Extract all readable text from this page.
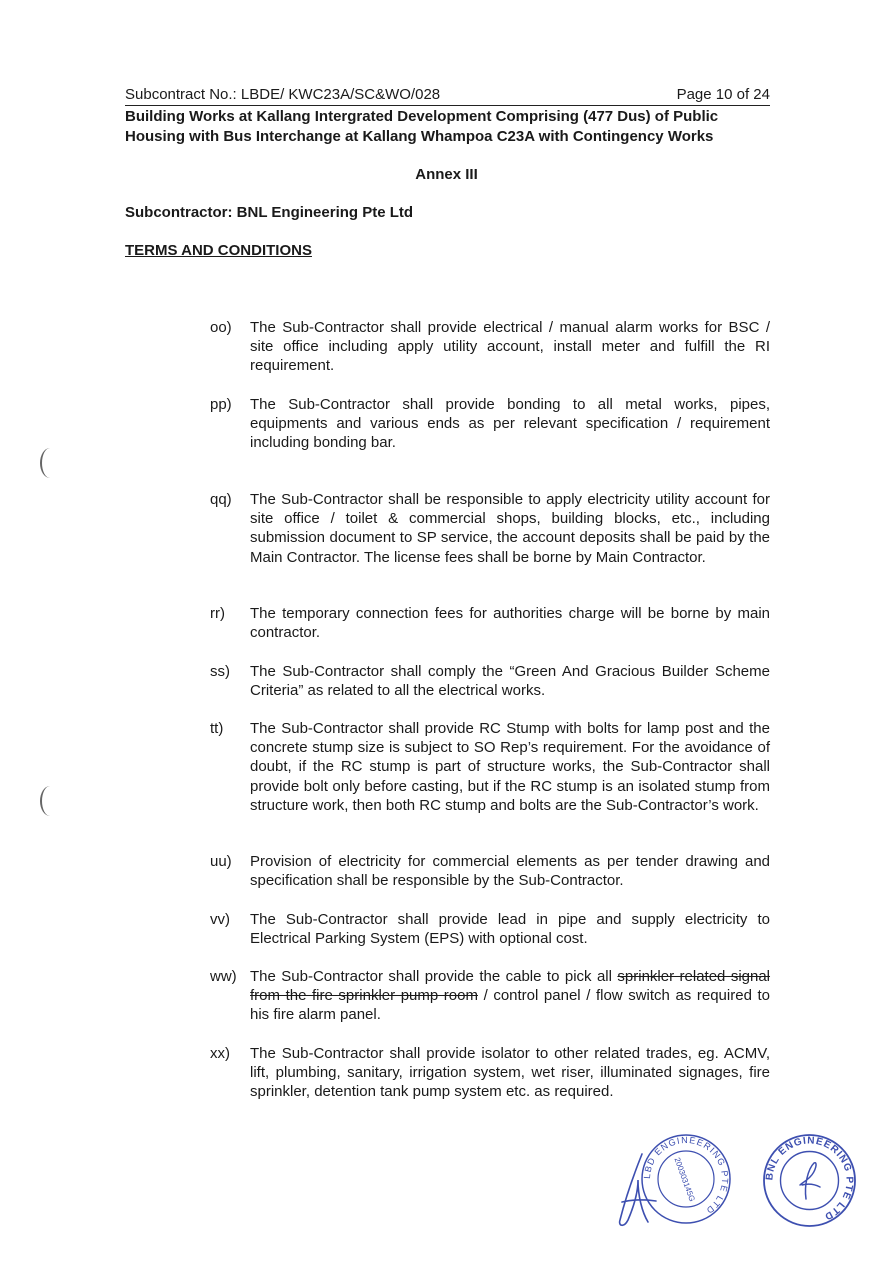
Subcontract No.: LBDE/ KWC23A/SC&WO/028	Page 10 of 24
Building Works at Kallang Intergrated Development Comprising (477 Dus) of Public Housing with Bus Interchange at Kallang Whampoa C23A with Contingency Works
Annex III
Subcontractor: BNL Engineering Pte Ltd
TERMS AND CONDITIONS
oo) The Sub-Contractor shall provide electrical / manual alarm works for BSC / site office including apply utility account, install meter and fulfill the RI requirement.
pp) The Sub-Contractor shall provide bonding to all metal works, pipes, equipments and various ends as per relevant specification / requirement including bonding bar.
qq) The Sub-Contractor shall be responsible to apply electricity utility account for site office / toilet & commercial shops, building blocks, etc., including submission document to SP service, the account deposits shall be paid by the Main Contractor. The license fees shall be borne by Main Contractor.
rr) The temporary connection fees for authorities charge will be borne by main contractor.
ss) The Sub-Contractor shall comply the “Green And Gracious Builder Scheme Criteria” as related to all the electrical works.
tt) The Sub-Contractor shall provide RC Stump with bolts for lamp post and the concrete stump size is subject to SO Rep’s requirement. For the avoidance of doubt, if the RC stump is part of structure works, the Sub-Contractor shall provide bolt only before casting, but if the RC stump is an isolated stump from structure work, then both RC stump and bolts are the Sub-Contractor’s work.
uu) Provision of electricity for commercial elements as per tender drawing and specification shall be responsible by the Sub-Contractor.
vv) The Sub-Contractor shall provide lead in pipe and supply electricity to Electrical Parking System (EPS) with optional cost.
ww) The Sub-Contractor shall provide the cable to pick all sprinkler related signal from the fire sprinkler pump room / control panel / flow switch as required to his fire alarm panel.
xx) The Sub-Contractor shall provide isolator to other related trades, eg. ACMV, lift, plumbing, sanitary, irrigation system, wet riser, illuminated signages, fire sprinkler, detention tank pump system etc. as required.
LBD ENGINEERING PTE LTD
200303145G	BNL ENGINEERING PTE LTD
